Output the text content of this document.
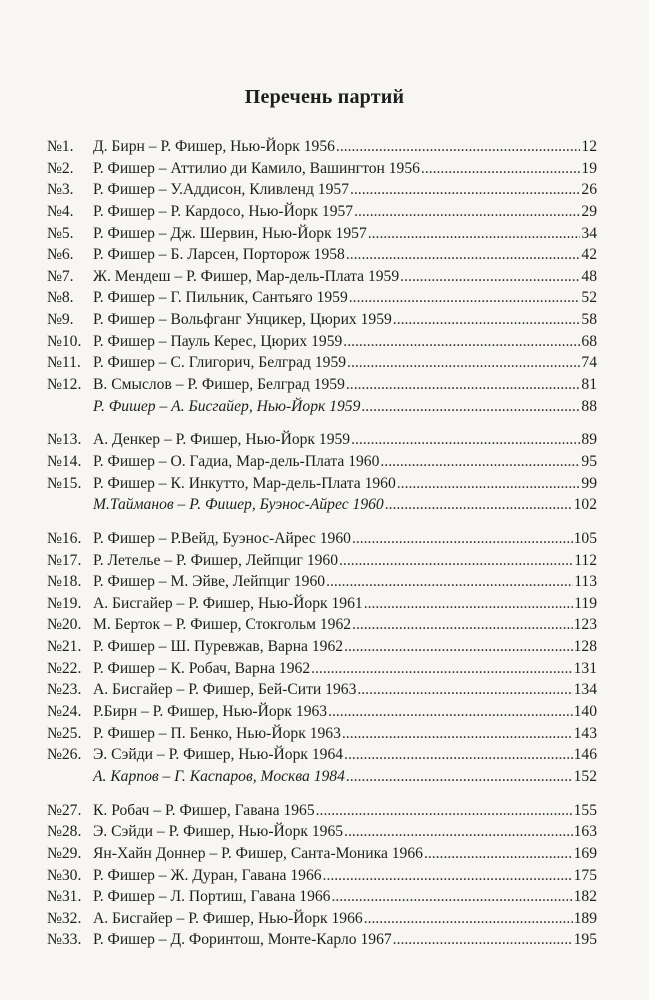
Перечень партий
№1.	Д. Бирн – Р. Фишер, Нью-Йорк 1956 .....	12
№2.	Р. Фишер – Аттилио ди Камило, Вашингтон 1956 .....	19
№3.	Р. Фишер – У.Аддисон, Кливленд 1957 .....	26
№4.	Р. Фишер – Р. Кардосо, Нью-Йорк 1957 .....	29
№5.	Р. Фишер – Дж. Шервин, Нью-Йорк 1957 .....	34
№6.	Р. Фишер – Б. Ларсен, Порторож 1958 .....	42
№7.	Ж. Мендеш – Р. Фишер, Мар-дель-Плата 1959 .....	48
№8.	Р. Фишер – Г. Пильник, Сантьяго 1959 .....	52
№9.	Р. Фишер – Вольфганг Унцикер, Цюрих 1959 .....	58
№10. Р. Фишер – Пауль Керес, Цюрих 1959 .....	68
№11. Р. Фишер – С. Глигорич, Белград 1959 .....	74
№12. В. Смыслов – Р. Фишер, Белград 1959 .....	81
Р. Фишер – А. Бисгайер, Нью-Йорк 1959 .....	88
№13. А. Денкер – Р. Фишер, Нью-Йорк 1959 .....	89
№14. Р. Фишер – О. Гадиа, Мар-дель-Плата 1960 .....	95
№15. Р. Фишер – К. Инкутто, Мар-дель-Плата 1960 .....	99
М.Тайманов – Р. Фишер, Буэнос-Айрес 1960 .....	102
№16. Р. Фишер – Р.Вейд, Буэнос-Айрес 1960 .....	105
№17. Р. Летелье – Р. Фишер, Лейпциг 1960 .....	112
№18. Р. Фишер – М. Эйве, Лейпциг 1960 .....	113
№19. А. Бисгайер – Р. Фишер, Нью-Йорк 1961 .....	119
№20. М. Берток – Р. Фишер, Стокгольм 1962 .....	123
№21. Р. Фишер – Ш. Пуревжав, Варна 1962 .....	128
№22. Р. Фишер – К. Робач, Варна 1962 .....	131
№23. А. Бисгайер – Р. Фишер, Бей-Сити 1963 .....	134
№24. Р.Бирн – Р. Фишер, Нью-Йорк 1963 .....	140
№25. Р. Фишер – П. Бенко, Нью-Йорк 1963 .....	143
№26. Э. Сэйди – Р. Фишер, Нью-Йорк 1964 .....	146
А. Карпов – Г. Каспаров, Москва 1984 .....	152
№27. К. Робач – Р. Фишер, Гавана 1965 .....	155
№28. Э. Сэйди – Р. Фишер, Нью-Йорк 1965 .....	163
№29. Ян-Хайн Доннер – Р. Фишер, Санта-Моника 1966 .....	169
№30. Р. Фишер – Ж. Дуран, Гавана 1966 .....	175
№31. Р. Фишер – Л. Портиш, Гавана 1966 .....	182
№32. А. Бисгайер – Р. Фишер, Нью-Йорк 1966 .....	189
№33. Р. Фишер – Д. Форинтош, Монте-Карло 1967 .....	195
